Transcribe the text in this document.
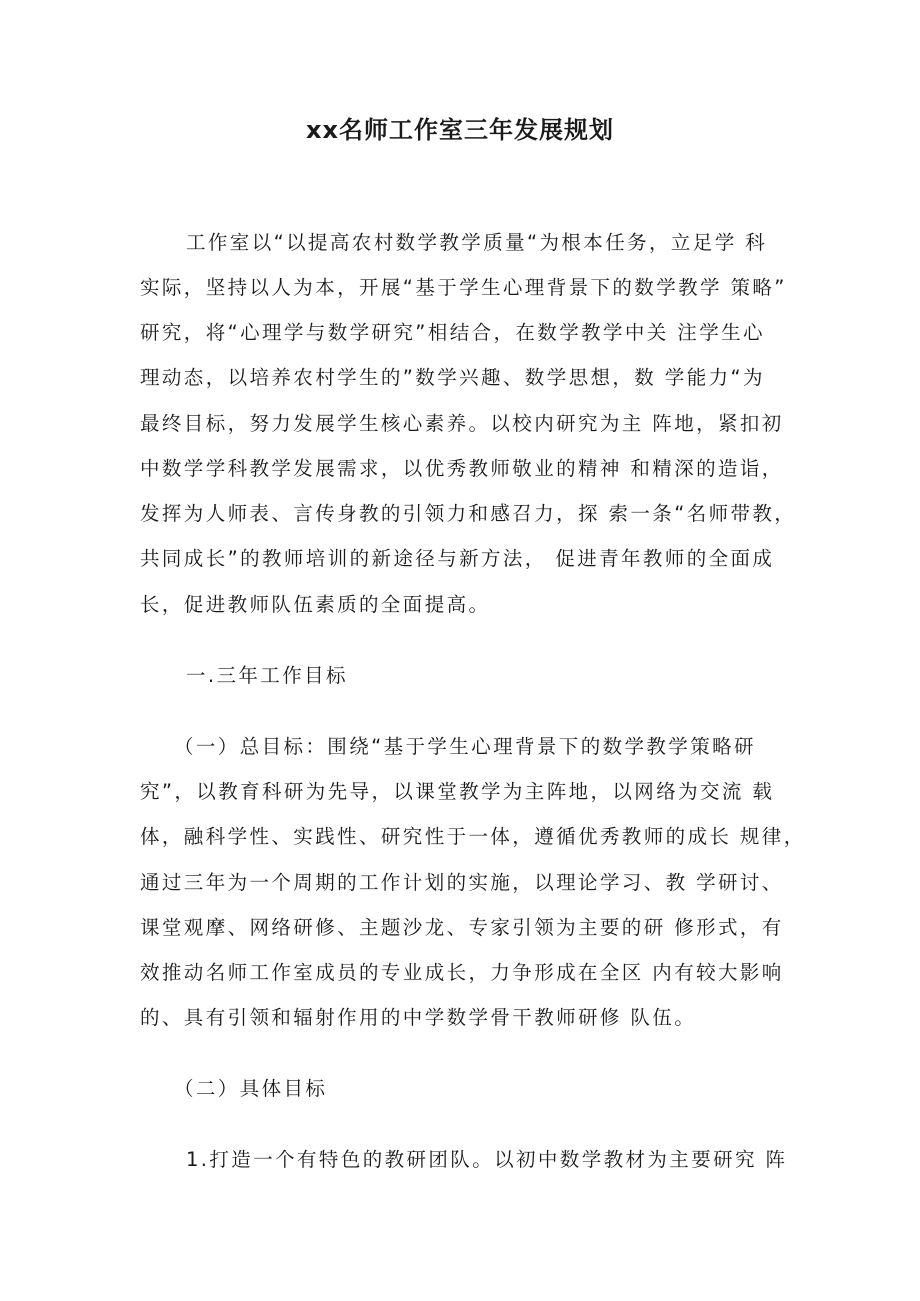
xx名师工作室三年发展规划
工作室以“以提高农村数学教学质量“为根本任务，立足学 科
实际，坚持以人为本，开展“基于学生心理背景下的数学教学 策略”
研究，将“心理学与数学研究”相结合，在数学教学中关 注学生心
理动态，以培养农村学生的”数学兴趣、数学思想，数 学能力“为
最终目标，努力发展学生核心素养。以校内研究为主 阵地，紧扣初
中数学学科教学发展需求，以优秀教师敬业的精神 和精深的造诣，
发挥为人师表、言传身教的引领力和感召力，探 索一条“名师带教，
共同成长”的教师培训的新途径与新方法， 促进青年教师的全面成
长，促进教师队伍素质的全面提高。
一.三年工作目标
（一）总目标：围绕“基于学生心理背景下的数学教学策略研
究”，以教育科研为先导，以课堂教学为主阵地，以网络为交流 载
体，融科学性、实践性、研究性于一体，遵循优秀教师的成长 规律，
通过三年为一个周期的工作计划的实施，以理论学习、教 学研讨、
课堂观摩、网络研修、主题沙龙、专家引领为主要的研 修形式，有
效推动名师工作室成员的专业成长，力争形成在全区 内有较大影响
的、具有引领和辐射作用的中学数学骨干教师研修 队伍。
（二）具体目标
1.打造一个有特色的教研团队。以初中数学教材为主要研究 阵
